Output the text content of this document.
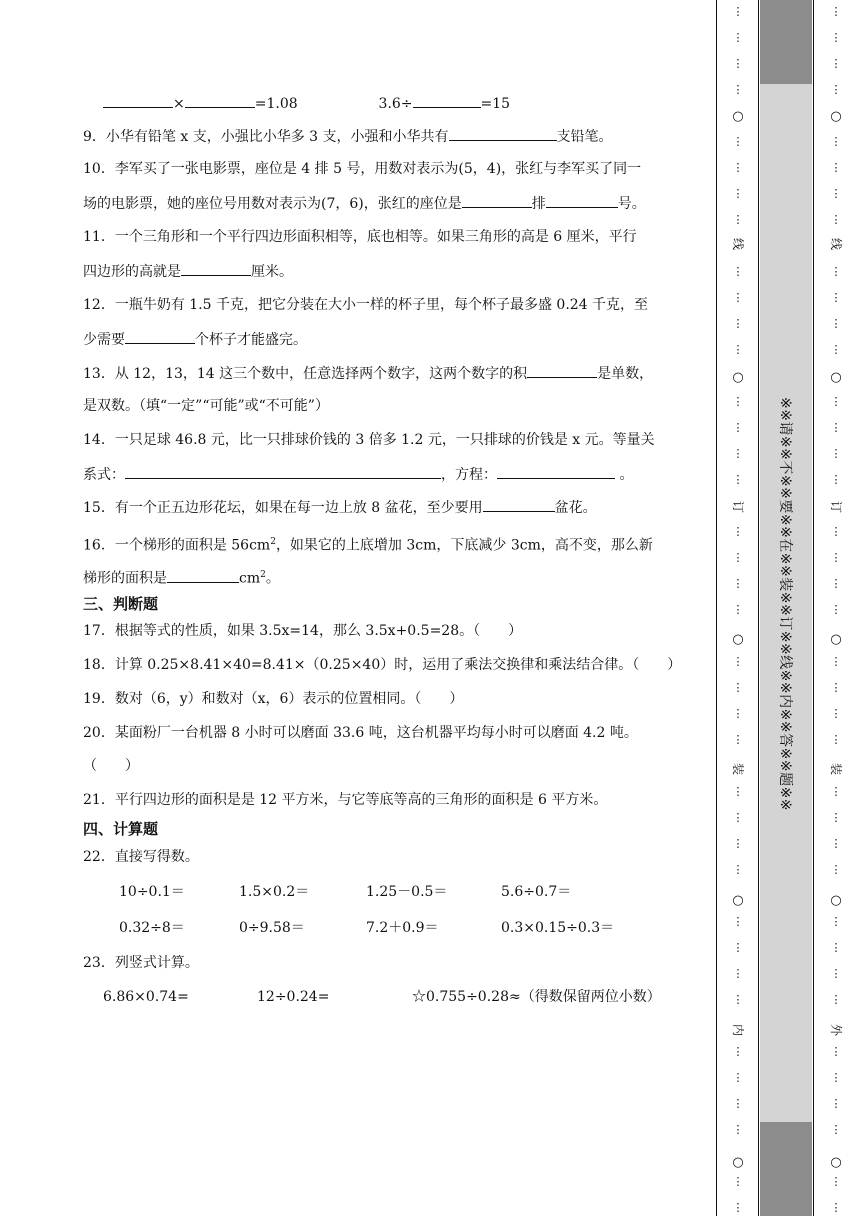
×	=1.08	3.6÷	=15
9．小华有铅笔 x 支，小强比小华多 3 支，小强和小华共有	支铅笔。
10．李军买了一张电影票，座位是 4 排 5 号，用数对表示为(5，4)，张红与李军买了同一
场的电影票，她的座位号用数对表示为(7，6)，张红的座位是	排	号。
11．一个三角形和一个平行四边形面积相等，底也相等。如果三角形的高是 6 厘米，平行
四边形的高就是	厘米。
12．一瓶牛奶有 1.5 千克，把它分装在大小一样的杯子里，每个杯子最多盛 0.24 千克，至
少需要	个杯子才能盛完。
13．从 12，13，14 这三个数中，任意选择两个数字，这两个数字的积	是单数，
是双数。（填“一定”“可能”或“不可能”）
14．一只足球 46.8 元，比一只排球价钱的 3 倍多 1.2 元，一只排球的价钱是 x 元。等量关
系式：	，方程：	。
15．有一个正五边形花坛，如果在每一边上放 8 盆花，至少要用	盆花。
16．一个梯形的面积是 $56cm^2$，如果它的上底增加 3cm，下底减少 3cm，高不变，那么新
梯形的面积是	$cm^2$。
三、判断题
17．根据等式的性质，如果 3.5x=14，那么 3.5x+0.5=28。（　　）
18．计算 0.25×8.41×40=8.41×（0.25×40）时，运用了乘法交换律和乘法结合律。（　　）
19．数对（6，y）和数对（x，6）表示的位置相同。（　　）
20．某面粉厂一台机器 8 小时可以磨面 33.6 吨，这台机器平均每小时可以磨面 4.2 吨。
（　　）
21．平行四边形的面积是是 12 平方米，与它等底等高的三角形的面积是 6 平方米。
四、计算题
22．直接写得数。
10÷0.1＝	1.5×0.2＝	1.25－0.5＝	5.6÷0.7＝
0.32÷8＝	0÷9.58＝	7.2＋0.9＝	0.3×0.15÷0.3＝
23．列竖式计算。
6.86×0.74=	12÷0.24=	☆0.755÷0.28≈（得数保留两位小数）
※※请※※不※※要※※在※※装※※订※※线※※内※※答※※题※※
⋮
⋮
⋮
⋮
⋮
⋮
⋮
⋮
⋮
⋮
⋮
⋮
⋮
⋮
⋮
⋮
⋮
⋮
⋮
⋮
⋮
⋮
⋮
⋮
⋮
⋮
⋮
⋮
⋮
⋮
⋮
⋮
⋮
⋮
⋮
⋮
⋮
⋮
○
○
○
○
○
线
订
装
内
⋮
⋮
⋮
⋮
⋮
⋮
⋮
⋮
⋮
⋮
⋮
⋮
⋮
⋮
⋮
⋮
⋮
⋮
⋮
⋮
⋮
⋮
⋮
⋮
⋮
⋮
⋮
⋮
⋮
⋮
⋮
⋮
⋮
⋮
⋮
⋮
⋮
⋮
○
○
○
○
○
线
订
装
外
